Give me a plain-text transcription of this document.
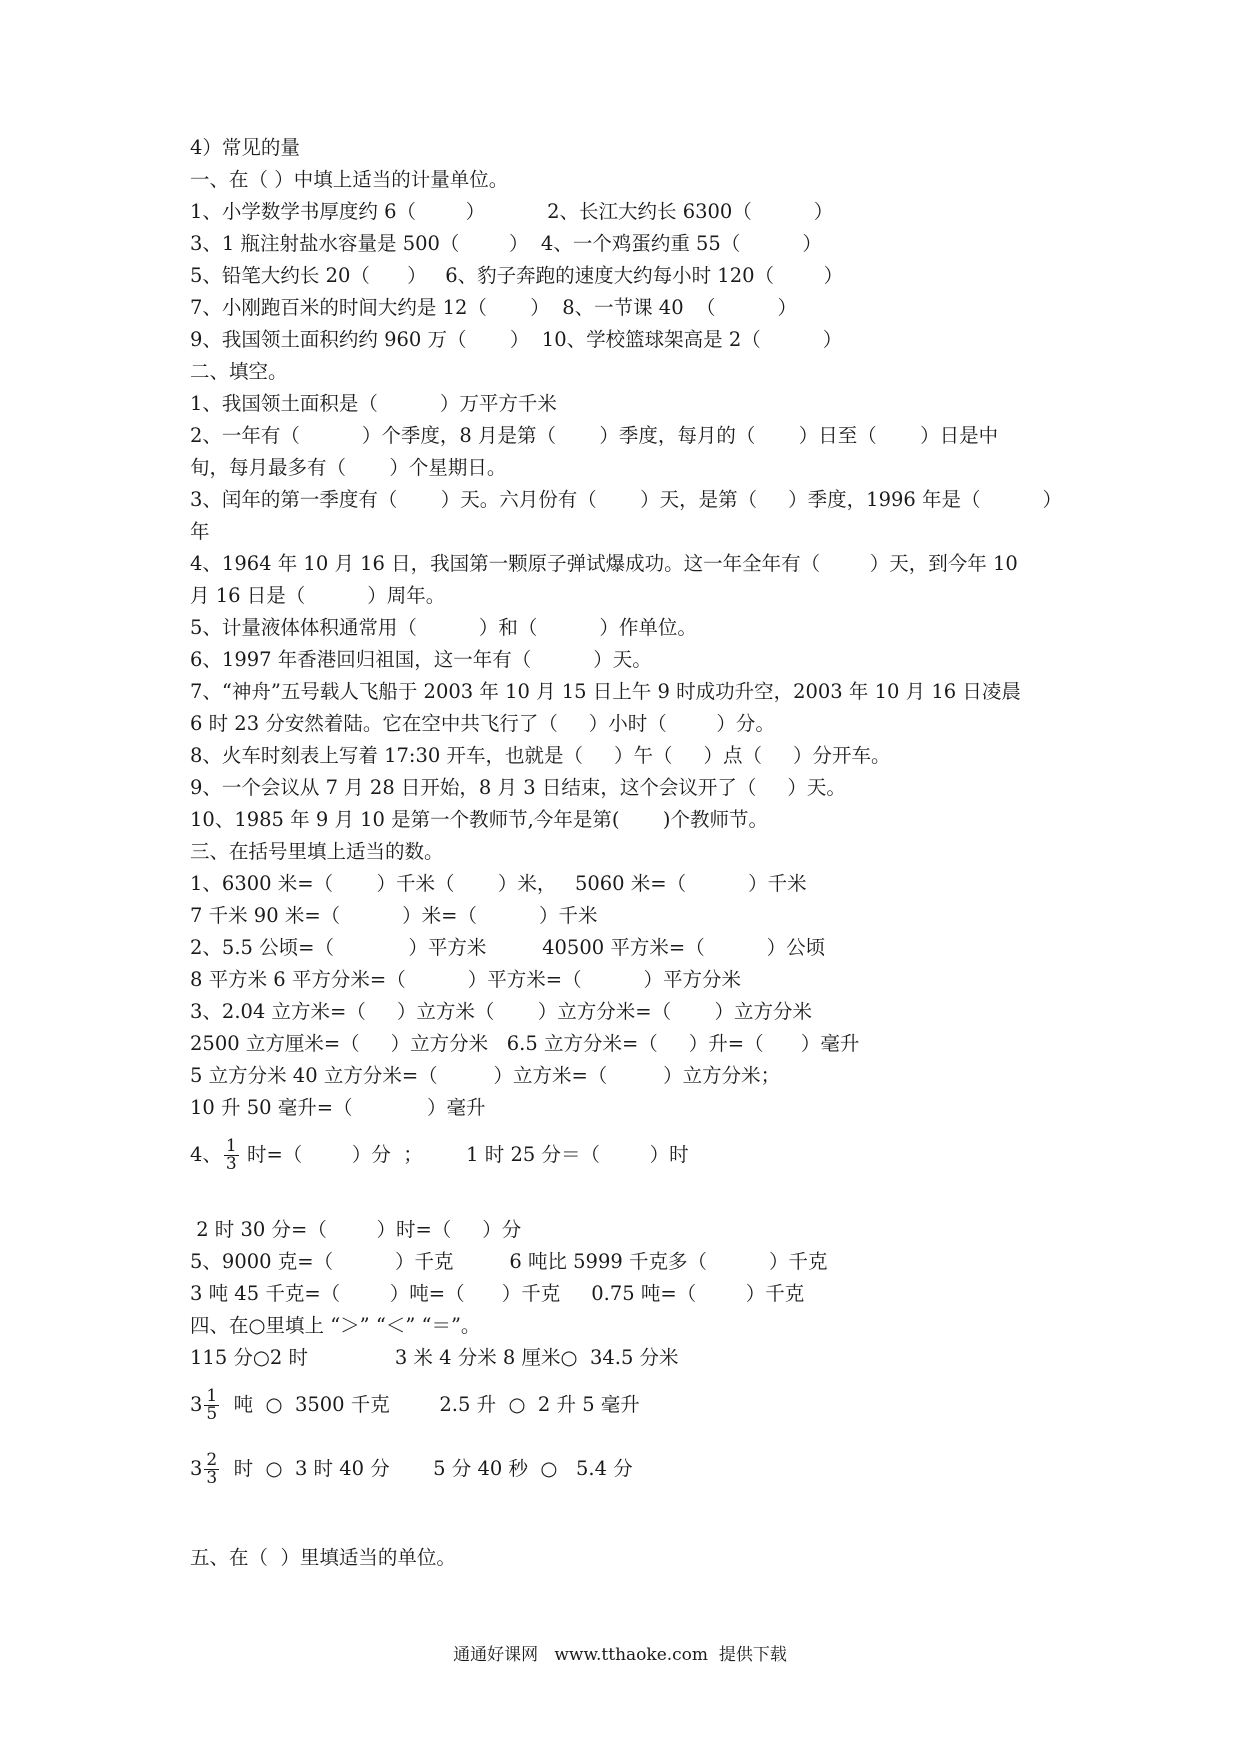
4）常见的量
一、在（ ）中填上适当的计量单位。
1、小学数学书厚度约 6（        ）          2、长江大约长 6300（          ）
3、1 瓶注射盐水容量是 500（        ）  4、一个鸡蛋约重 55（          ）
5、铅笔大约长 20（      ）   6、豹子奔跑的速度大约每小时 120（        ）
7、小刚跑百米的时间大约是 12（       ）  8、一节课 40  （          ）
9、我国领土面积约约 960 万（       ）  10、学校篮球架高是 2（          ）
二、填空。
1、我国领土面积是（          ）万平方千米
2、一年有（          ）个季度，8 月是第（       ）季度，每月的（       ）日至（       ）日是中
旬，每月最多有（       ）个星期日。
3、闰年的第一季度有（       ）天。六月份有（       ）天，是第（     ）季度，1996 年是（          ）
年
4、1964 年 10 月 16 日，我国第一颗原子弹试爆成功。这一年全年有（        ）天，到今年 10
月 16 日是（          ）周年。
5、计量液体体积通常用（          ）和（          ）作单位。
6、1997 年香港回归祖国，这一年有（          ）天。
7、“神舟”五号载人飞船于 2003 年 10 月 15 日上午 9 时成功升空，2003 年 10 月 16 日凌晨
6 时 23 分安然着陆。它在空中共飞行了（     ）小时（        ）分。
8、火车时刻表上写着 17:30 开车，也就是（     ）午（     ）点（     ）分开车。
9、一个会议从 7 月 28 日开始，8 月 3 日结束，这个会议开了（     ）天。
10、1985 年 9 月 10 是第一个教师节,今年是第(       )个教师节。
三、在括号里填上适当的数。
1、6300 米=（       ）千米（       ）米，   5060 米=（          ）千米
7 千米 90 米=（          ）米=（          ）千米
2、5.5 公顷=（            ）平方米         40500 平方米=（          ）公顷
8 平方米 6 平方分米=（          ）平方米=（          ）平方分米
3、2.04 立方米=（     ）立方米（       ）立方分米=（       ）立方分米
2500 立方厘米=（     ）立方分米   6.5 立方分米=（     ）升=（      ）毫升
5 立方分米 40 立方分米=（         ）立方米=（         ）立方分米；
10 升 50 毫升=（            ）毫升
4、 $\frac{1}{3}$ 时=（        ）分  ；       1 时 25 分＝（        ）时
2 时 30 分=（        ）时=（     ）分
5、9000 克=（          ）千克         6 吨比 5999 千克多（          ）千克
3 吨 45 千克=（        ）吨=（      ）千克     0.75 吨=（        ）千克
四、在○里填上 “＞” “＜” “＝”。
115 分○2 时              3 米 4 分米 8 厘米○  34.5 分米
$3 \frac{1}{5}$ 吨  ○  3500 千克        2.5 升  ○  2 升 5 毫升
$3 \frac{2}{3}$ 时  ○  3 时 40 分       5 分 40 秒  ○   5.4 分
五、在（  ）里填适当的单位。
通通好课网   www.tthaoke.com  提供下载
